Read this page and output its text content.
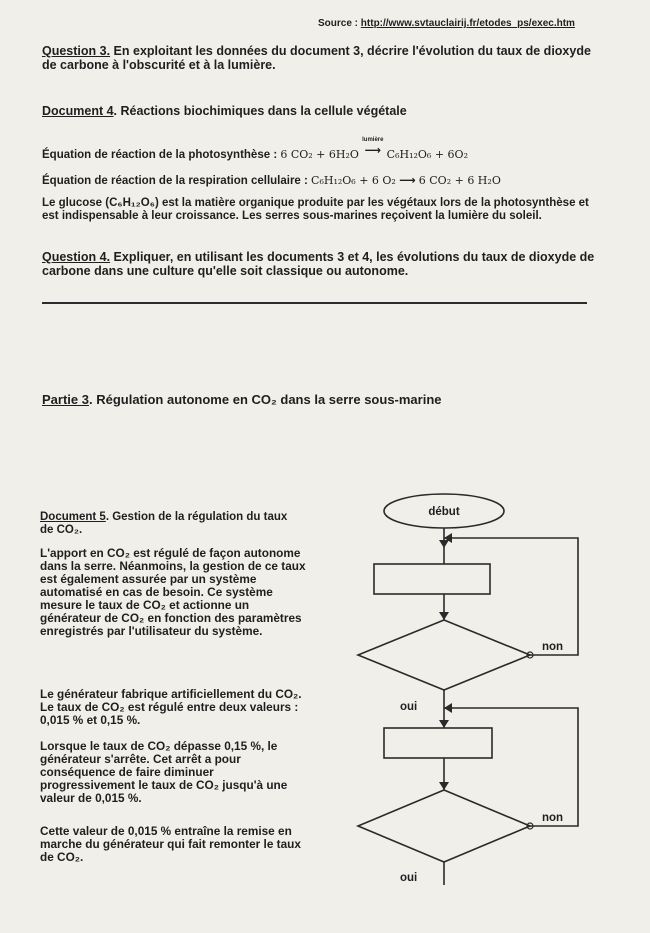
Source : http://www.svtauclairij.fr/etodes_ps/exec.htm
Question 3. En exploitant les données du document 3, décrire l'évolution du taux de dioxyde de carbone à l'obscurité et à la lumière.
Document 4. Réactions biochimiques dans la cellule végétale
Équation de réaction de la photosynthèse : 6 CO₂ + 6H₂O
lumière
⟶ C₆H₁₂O₆ + 6O₂
Équation de réaction de la respiration cellulaire : C₆H₁₂O₆ + 6 O₂ ⟶ 6 CO₂ + 6 H₂O
Le glucose (C₆H₁₂O₆) est la matière organique produite par les végétaux lors de la photosynthèse et est indispensable à leur croissance. Les serres sous-marines reçoivent la lumière du soleil.
Question 4. Expliquer, en utilisant les documents 3 et 4, les évolutions du taux de dioxyde de carbone dans une culture qu'elle soit classique ou autonome.
Partie 3. Régulation autonome en CO₂ dans la serre sous-marine
Document 5. Gestion de la régulation du taux de CO₂.
L'apport en CO₂ est régulé de façon autonome dans la serre. Néanmoins, la gestion de ce taux est également assurée par un système automatisé en cas de besoin. Ce système mesure le taux de CO₂ et actionne un générateur de CO₂ en fonction des paramètres enregistrés par l'utilisateur du système.
Le générateur fabrique artificiellement du CO₂. Le taux de CO₂ est régulé entre deux valeurs : 0,015 % et 0,15 %.
Lorsque le taux de CO₂ dépasse 0,15 %, le générateur s'arrête. Cet arrêt a pour conséquence de faire diminuer progressivement le taux de CO₂ jusqu'à une valeur de 0,015 %.
Cette valeur de 0,015 % entraîne la remise en marche du générateur qui fait remonter le taux de CO₂.
début
non
oui
non
oui
